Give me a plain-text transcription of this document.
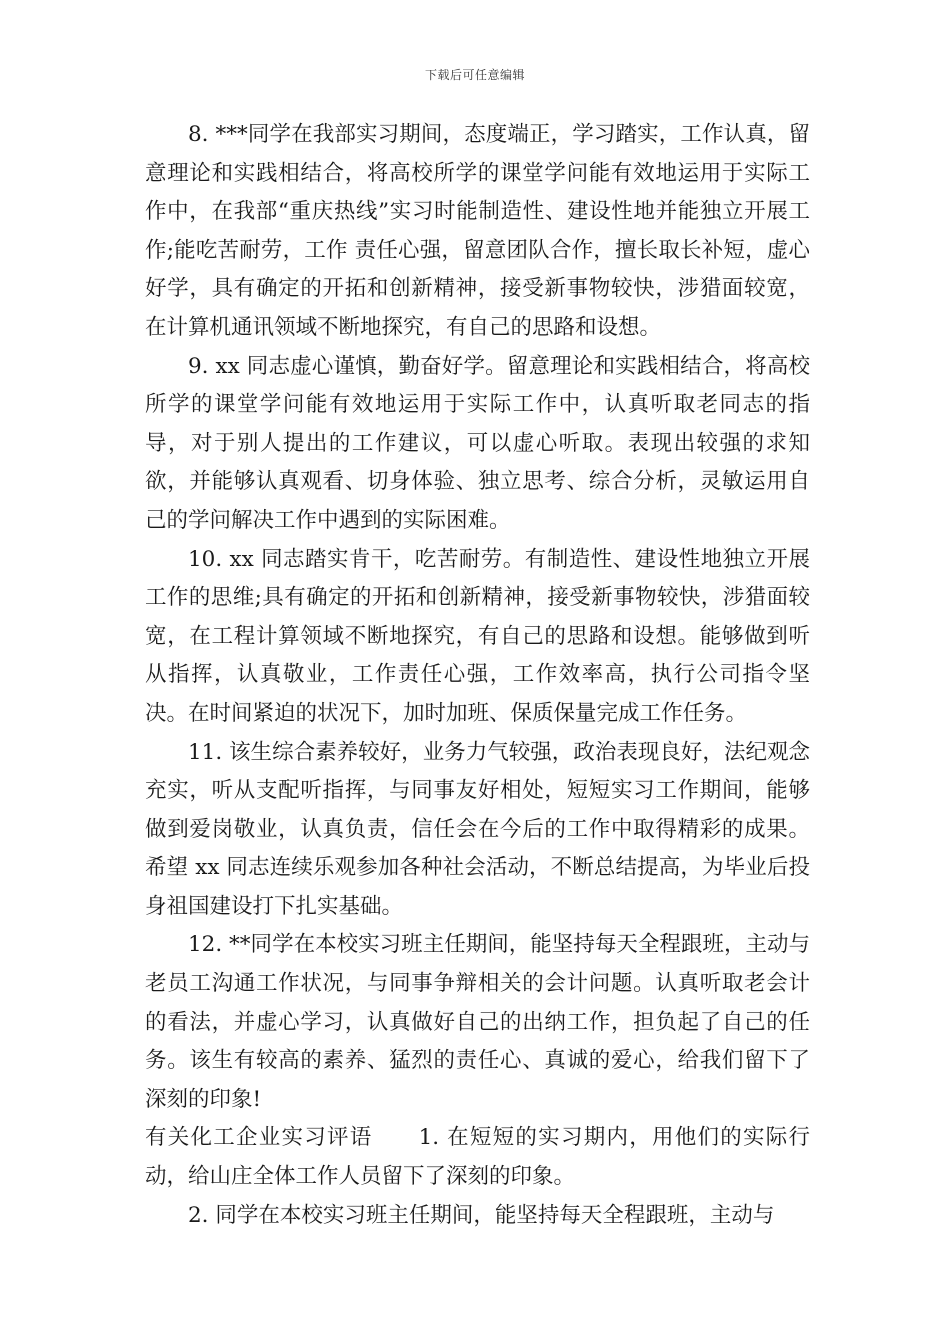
下载后可任意编辑

8. ***同学在我部实习期间，态度端正，学习踏实，工作认真，留意理论和实践相结合，将高校所学的课堂学问能有效地运用于实际工作中，在我部“重庆热线”实习时能制造性、建设性地并能独立开展工作;能吃苦耐劳，工作 责任心强，留意团队合作，擅长取长补短，虚心好学，具有确定的开拓和创新精神，接受新事物较快，涉猎面较宽，在计算机通讯领域不断地探究，有自己的思路和设想。

9. xx 同志虚心谨慎，勤奋好学。留意理论和实践相结合，将高校所学的课堂学问能有效地运用于实际工作中，认真听取老同志的指导，对于别人提出的工作建议，可以虚心听取。表现出较强的求知欲，并能够认真观看、切身体验、独立思考、综合分析，灵敏运用自己的学问解决工作中遇到的实际困难。

10. xx 同志踏实肯干，吃苦耐劳。有制造性、建设性地独立开展工作的思维;具有确定的开拓和创新精神，接受新事物较快，涉猎面较宽，在工程计算领域不断地探究，有自己的思路和设想。能够做到听从指挥，认真敬业，工作责任心强，工作效率高，执行公司指令坚决。在时间紧迫的状况下，加时加班、保质保量完成工作任务。

11. 该生综合素养较好，业务力气较强，政治表现良好，法纪观念充实，听从支配听指挥，与同事友好相处，短短实习工作期间，能够做到爱岗敬业，认真负责，信任会在今后的工作中取得精彩的成果。希望 xx 同志连续乐观参加各种社会活动，不断总结提高，为毕业后投身祖国建设打下扎实基础。

12. **同学在本校实习班主任期间，能坚持每天全程跟班，主动与老员工沟通工作状况，与同事争辩相关的会计问题。认真听取老会计的看法，并虚心学习，认真做好自己的出纳工作，担负起了自己的任务。该生有较高的素养、猛烈的责任心、真诚的爱心，给我们留下了深刻的印象!

有关化工企业实习评语 1. 在短短的实习期内，用他们的实际行动，给山庄全体工作人员留下了深刻的印象。

2. 同学在本校实习班主任期间，能坚持每天全程跟班，主动与
